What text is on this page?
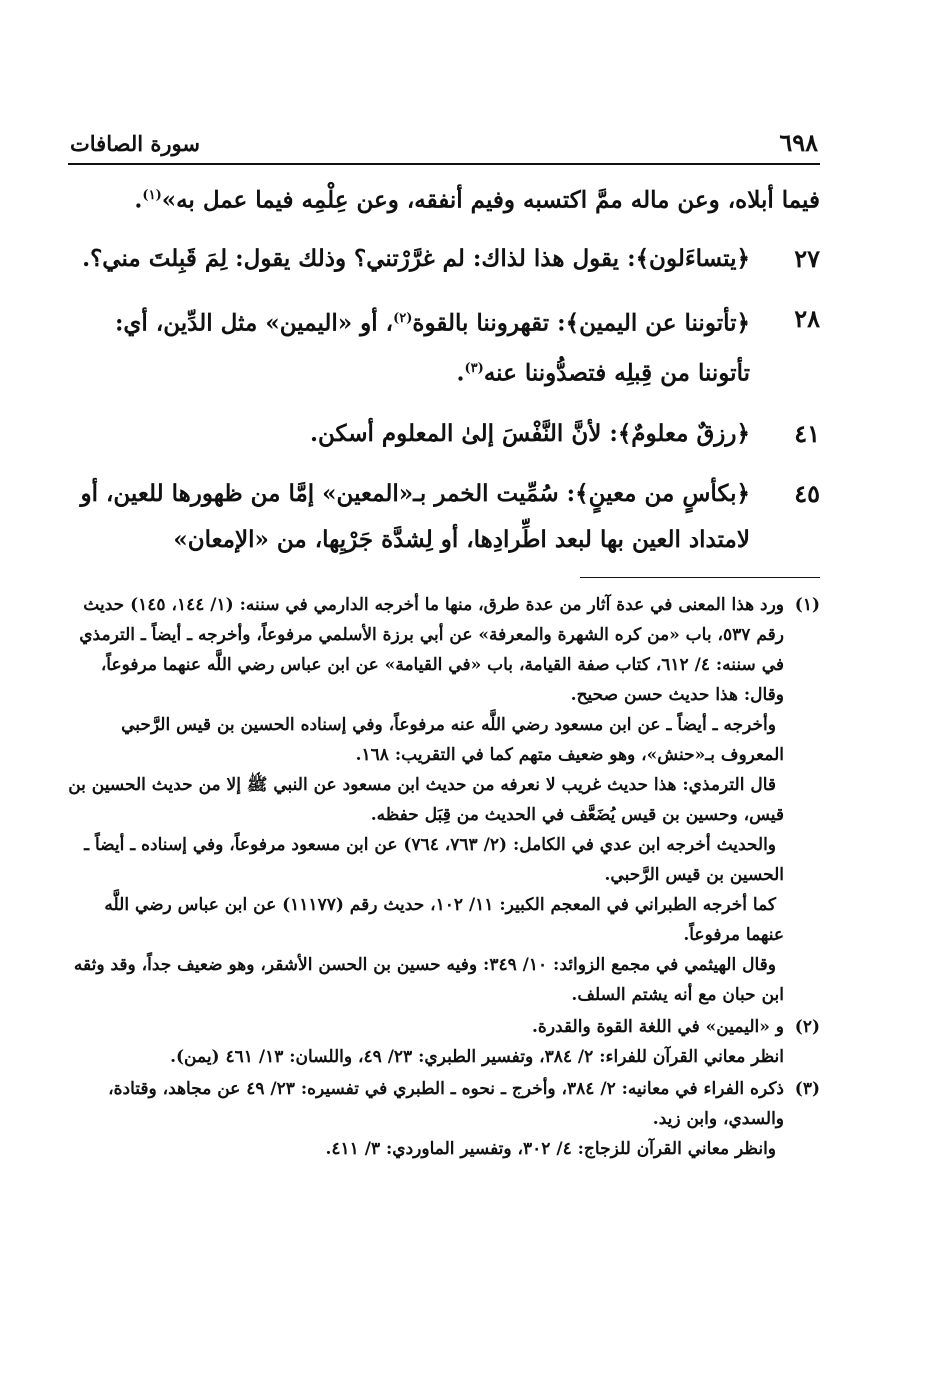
٦٩٨
سورة الصافات

فيما أبلاه، وعن ماله ممَّ اكتسبه وفيم أنفقه، وعن عِلْمِه فيما عمل به»$^{(١)}$.

٢٧
﴿يتساءَلون﴾: يقول هذا لذاك: لم غرَّرْتني؟ وذلك يقول: لِمَ قَبِلتَ مني؟.
٢٨
﴿تأتوننا عن اليمين﴾: تقهروننا بالقوة$^{(٢)}$، أو «اليمين» مثل الدِّين، أي: تأتوننا من قِبلِه فتصدُّوننا عنه$^{(٣)}$.
٤١
﴿رزقٌ معلومٌ﴾: لأنَّ النَّفْسَ إلىٰ المعلوم أسكن.
٤٥
﴿بكأسٍ من معينٍ﴾: سُمِّيت الخمر بـ«المعين» إمَّا من ظهورها للعين، أو لامتداد العين بها لبعد اطِّرادِها، أو لِشدَّة جَرْيِها، من «الإمعان»
(١)

ورد هذا المعنى في عدة آثار من عدة طرق، منها ما أخرجه الدارمي في سننه: (١/ ١٤٤، ١٤٥) حديث رقم ٥٣٧، باب «من كره الشهرة والمعرفة» عن أبي برزة الأسلمي مرفوعاً، وأخرجه ـ أيضاً ـ الترمذي في سننه: ٤/ ٦١٢، كتاب صفة القيامة، باب «في القيامة» عن ابن عباس رضي اللَّه عنهما مرفوعاً، وقال: هذا حديث حسن صحيح.

وأخرجه ـ أيضاً ـ عن ابن مسعود رضي اللَّه عنه مرفوعاً، وفي إسناده الحسين بن قيس الرَّحبي المعروف بـ«حنش»، وهو ضعيف متهم كما في التقريب: ١٦٨.

قال الترمذي: هذا حديث غريب لا نعرفه من حديث ابن مسعود عن النبي ﷺ إلا من حديث الحسين بن قيس، وحسين بن قيس يُضَعَّف في الحديث من قِبَل حفظه.

والحديث أخرجه ابن عدي في الكامل: (٢/ ٧٦٣، ٧٦٤) عن ابن مسعود مرفوعاً، وفي إسناده ـ أيضاً ـ الحسين بن قيس الرَّحبي.

كما أخرجه الطبراني في المعجم الكبير: ١١/ ١٠٢، حديث رقم (١١١٧٧) عن ابن عباس رضي اللَّه عنهما مرفوعاً.

وقال الهيثمي في مجمع الزوائد: ١٠/ ٣٤٩: وفيه حسين بن الحسن الأشقر، وهو ضعيف جداً، وقد وثقه ابن حبان مع أنه يشتم السلف.

(٢)

و «اليمين» في اللغة القوة والقدرة.

انظر معاني القرآن للفراء: ٢/ ٣٨٤، وتفسير الطبري: ٢٣/ ٤٩، واللسان: ١٣/ ٤٦١ (يمن).

(٣)

ذكره الفراء في معانيه: ٢/ ٣٨٤، وأخرج ـ نحوه ـ الطبري في تفسيره: ٢٣/ ٤٩ عن مجاهد، وقتادة، والسدي، وابن زيد.

وانظر معاني القرآن للزجاج: ٤/ ٣٠٢، وتفسير الماوردي: ٣/ ٤١١.
